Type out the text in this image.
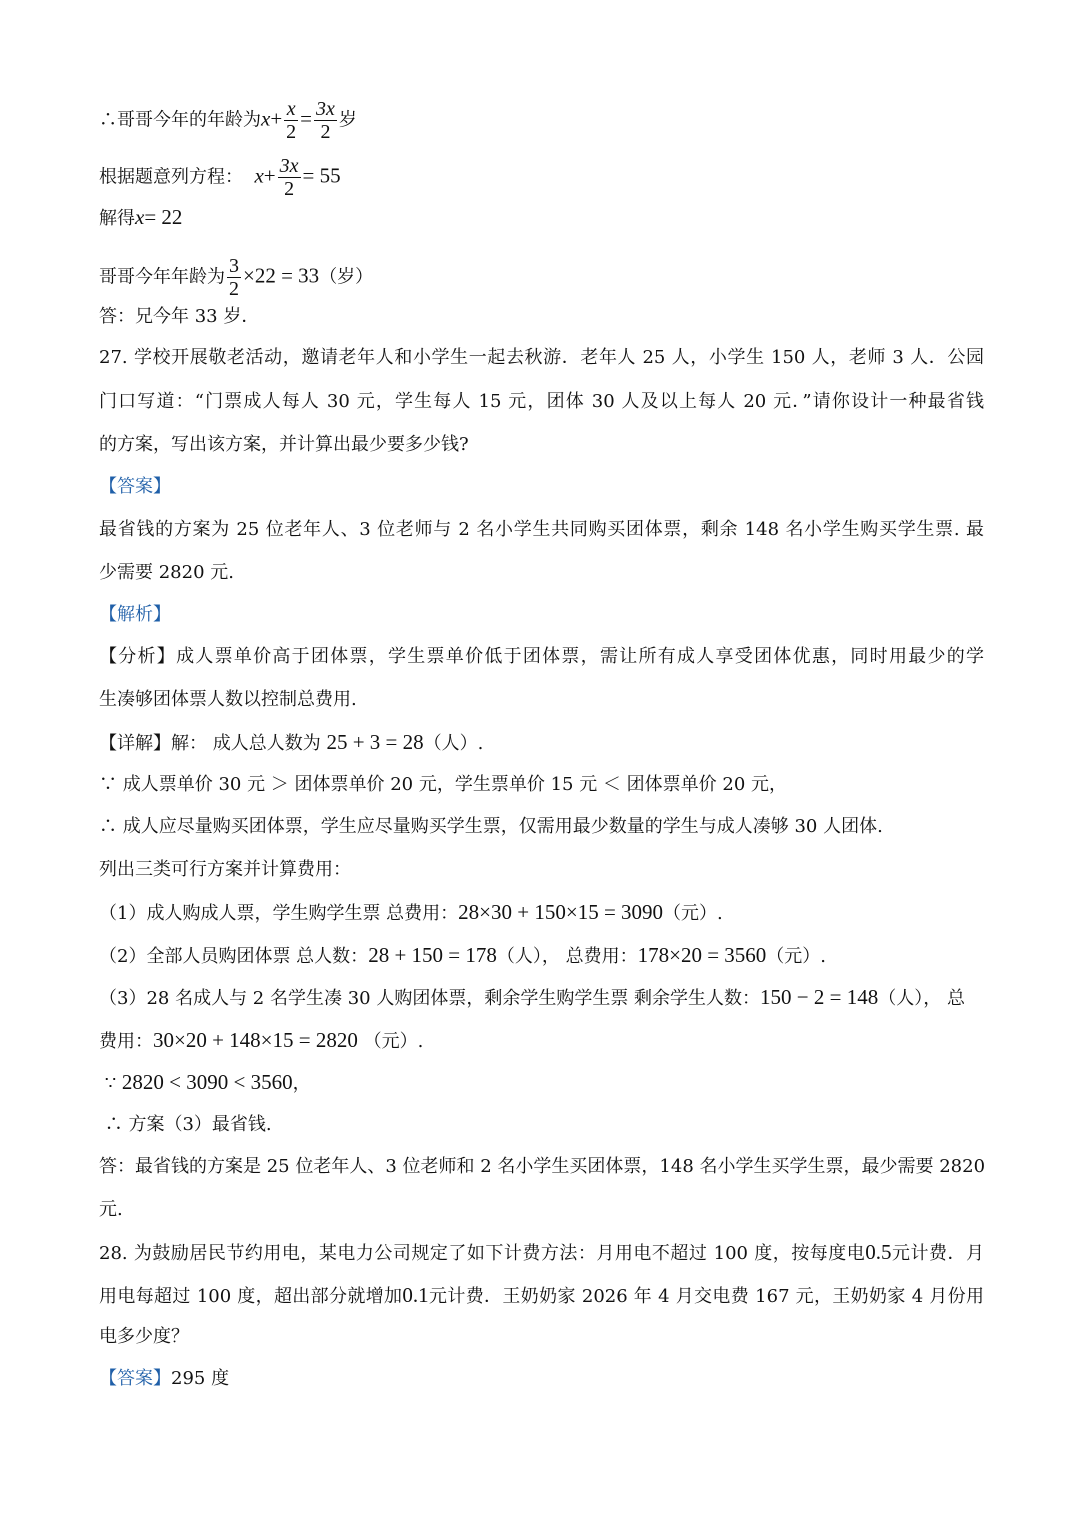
∴哥哥今年的年龄为$x+ \frac{x}{2} = \frac{3x}{2}$ 岁
根据题意列方程： $x+ \frac{3x}{2} = 55$
解得x= 22
哥哥今年年龄为 $\frac{3}{2} \times 22 = 33$（岁）
答：兄今年 33 岁．
27. 学校开展敬老活动，邀请老年人和小学生一起去秋游．老年人 25 人，小学生 150 人，老师 3 人．公园
门口写道：“门票成人每人 30 元，学生每人 15 元，团体 30 人及以上每人 20 元．”请你设计一种最省钱
的方案，写出该方案，并计算出最少要多少钱?
【答案】
最省钱的方案为 25 位老年人、3 位老师与 2 名小学生共同购买团体票，剩余 148 名小学生购买学生票. 最
少需要 2820 元.
【解析】
【分析】成人票单价高于团体票，学生票单价低于团体票，需让所有成人享受团体优惠，同时用最少的学
生凑够团体票人数以控制总费用.
【详解】解： 成人总人数为 25 + 3 = 28（人）.
∵ 成人票单价 30 元 ＞ 团体票单价 20 元，学生票单价 15 元 ＜ 团体票单价 20 元，
∴ 成人应尽量购买团体票，学生应尽量购买学生票，仅需用最少数量的学生与成人凑够 30 人团体.
列出三类可行方案并计算费用：
（1）成人购成人票，学生购学生票 总费用：28×30 + 150×15 = 3090（元）.
（2）全部人员购团体票 总人数：28 + 150 = 178（人）， 总费用：178×20 = 3560（元）.
（3）28 名成人与 2 名学生凑 30 人购团体票，剩余学生购学生票 剩余学生人数：150 − 2 = 148（人）， 总
费用：30×20 + 148×15 = 2820 （元）.
∵ 2820 < 3090 < 3560，
∴ 方案（3）最省钱.
答：最省钱的方案是 25 位老年人、3 位老师和 2 名小学生买团体票，148 名小学生买学生票，最少需要 2820
元.
28. 为鼓励居民节约用电，某电力公司规定了如下计费方法：月用电不超过 100 度，按每度电0.5元计费．月
用电每超过 100 度，超出部分就增加0.1元计费．王奶奶家 2026 年 4 月交电费 167 元，王奶奶家 4 月份用
电多少度？
【答案】295 度
